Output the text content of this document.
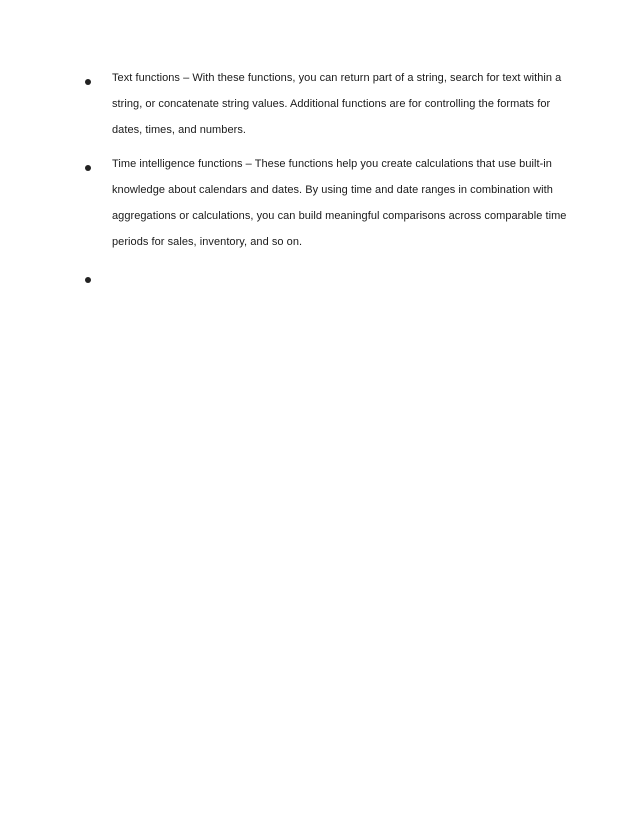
Text functions – With these functions, you can return part of a string, search for text within a string, or concatenate string values. Additional functions are for controlling the formats for dates, times, and numbers.

Time intelligence functions – These functions help you create calculations that use built-in knowledge about calendars and dates. By using time and date ranges in combination with aggregations or calculations, you can build meaningful comparisons across comparable time periods for sales, inventory, and so on.
